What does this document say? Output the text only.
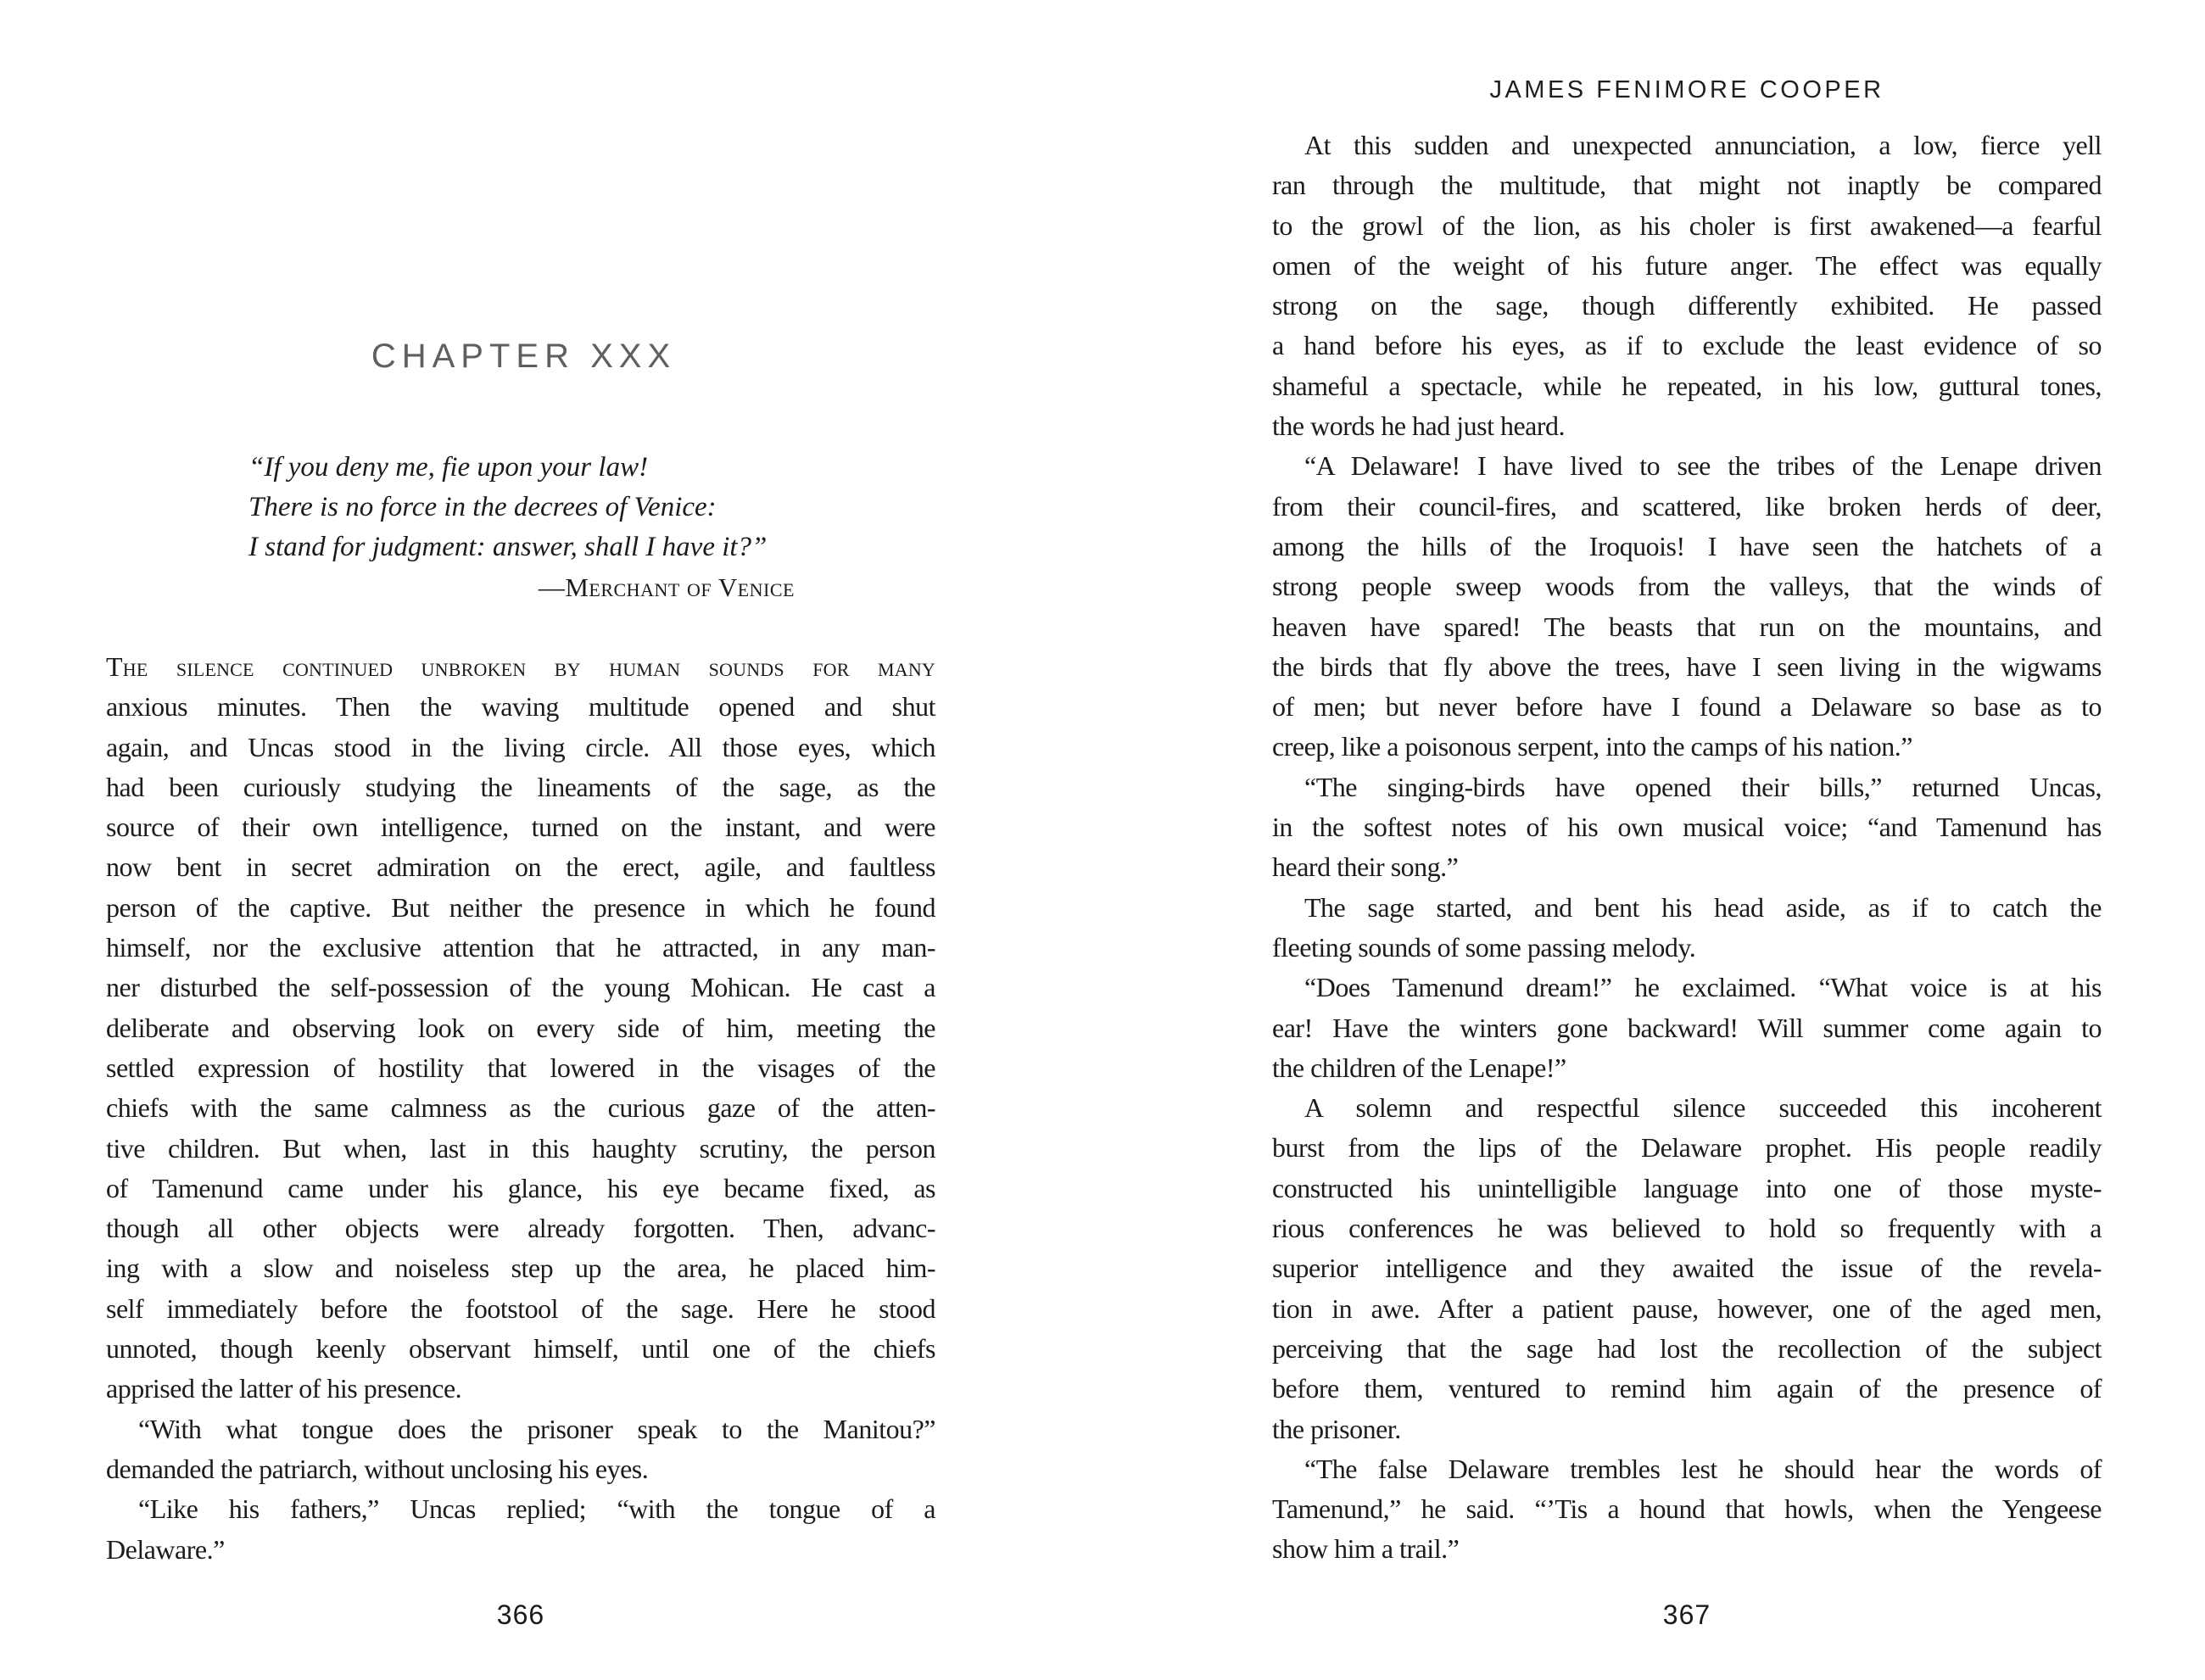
CHAPTER XXX
“If you deny me, fie upon your law!
There is no force in the decrees of Venice:
I stand for judgment: answer, shall I have it?”
—Merchant of Venice
The silence continued unbroken by human sounds for many
anxious minutes. Then the waving multitude opened and shut
again, and Uncas stood in the living circle. All those eyes, which
had been curiously studying the lineaments of the sage, as the
source of their own intelligence, turned on the instant, and were
now bent in secret admiration on the erect, agile, and faultless
person of the captive. But neither the presence in which he found
himself, nor the exclusive attention that he attracted, in any man-
ner disturbed the self-possession of the young Mohican. He cast a
deliberate and observing look on every side of him, meeting the
settled expression of hostility that lowered in the visages of the
chiefs with the same calmness as the curious gaze of the atten-
tive children. But when, last in this haughty scrutiny, the person
of Tamenund came under his glance, his eye became fixed, as
though all other objects were already forgotten. Then, advanc-
ing with a slow and noiseless step up the area, he placed him-
self immediately before the footstool of the sage. Here he stood
unnoted, though keenly observant himself, until one of the chiefs
apprised the latter of his presence.
“With what tongue does the prisoner speak to the Manitou?”
demanded the patriarch, without unclosing his eyes.
“Like his fathers,” Uncas replied; “with the tongue of a
Delaware.”
366
JAMES FENIMORE COOPER
At this sudden and unexpected annunciation, a low, fierce yell
ran through the multitude, that might not inaptly be compared
to the growl of the lion, as his choler is first awakened—a fearful
omen of the weight of his future anger. The effect was equally
strong on the sage, though differently exhibited. He passed
a hand before his eyes, as if to exclude the least evidence of so
shameful a spectacle, while he repeated, in his low, guttural tones,
the words he had just heard.
“A Delaware! I have lived to see the tribes of the Lenape driven
from their council-fires, and scattered, like broken herds of deer,
among the hills of the Iroquois! I have seen the hatchets of a
strong people sweep woods from the valleys, that the winds of
heaven have spared! The beasts that run on the mountains, and
the birds that fly above the trees, have I seen living in the wigwams
of men; but never before have I found a Delaware so base as to
creep, like a poisonous serpent, into the camps of his nation.”
“The singing-birds have opened their bills,” returned Uncas,
in the softest notes of his own musical voice; “and Tamenund has
heard their song.”
The sage started, and bent his head aside, as if to catch the
fleeting sounds of some passing melody.
“Does Tamenund dream!” he exclaimed. “What voice is at his
ear! Have the winters gone backward! Will summer come again to
the children of the Lenape!”
A solemn and respectful silence succeeded this incoherent
burst from the lips of the Delaware prophet. His people readily
constructed his unintelligible language into one of those myste-
rious conferences he was believed to hold so frequently with a
superior intelligence and they awaited the issue of the revela-
tion in awe. After a patient pause, however, one of the aged men,
perceiving that the sage had lost the recollection of the subject
before them, ventured to remind him again of the presence of
the prisoner.
“The false Delaware trembles lest he should hear the words of
Tamenund,” he said. “’Tis a hound that howls, when the Yengeese
show him a trail.”
367
